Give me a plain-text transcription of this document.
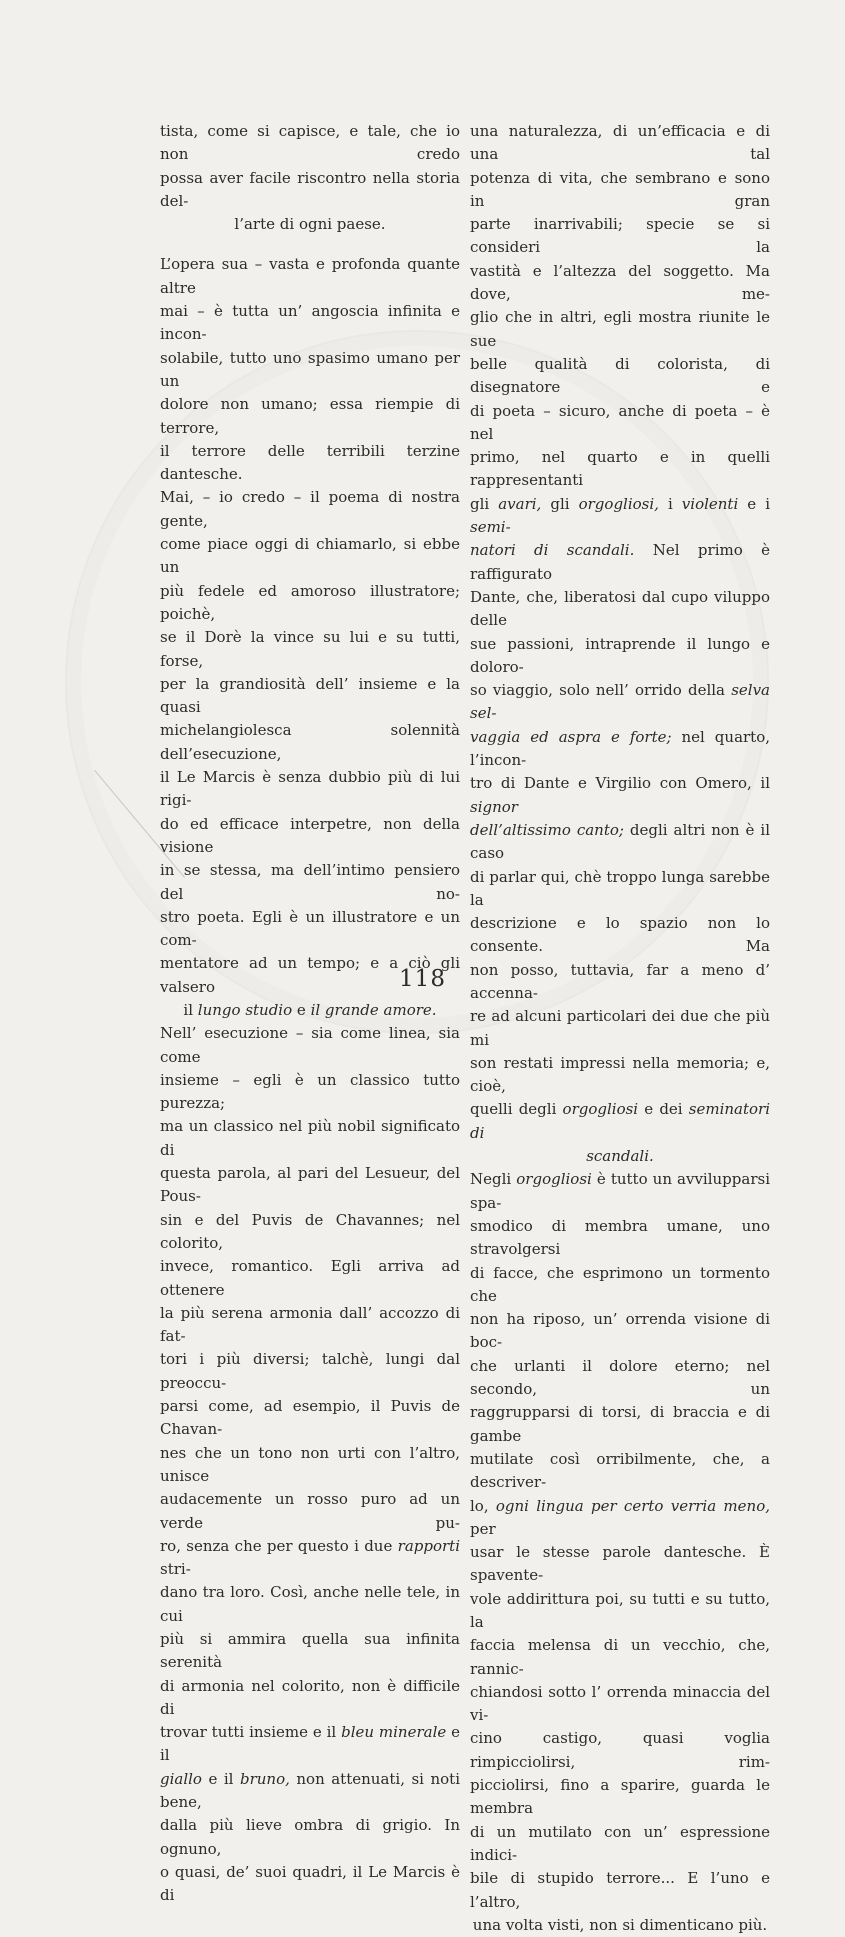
tista, come si capisce, e tale, che io non credo

possa aver facile riscontro nella storia del-

l’arte di ogni paese.

L’opera sua – vasta e profonda quante altre

mai – è tutta un’ angoscia infinita e incon-

solabile, tutto uno spasimo umano per un

dolore non umano; essa riempie di terrore,

il terrore delle terribili terzine dantesche.

Mai, – io credo – il poema di nostra gente,

come piace oggi di chiamarlo, si ebbe un

più fedele ed amoroso illustratore; poichè,

se il Dorè la vince su lui e su tutti, forse,

per la grandiosità dell’ insieme e la quasi

michelangiolesca solennità dell’esecuzione,

il Le Marcis è senza dubbio più di lui rigi-

do ed efficace interpetre, non della visione

in se stessa, ma dell’intimo pensiero del no-

stro poeta. Egli è un illustratore e un com-

mentatore ad un tempo; e a ciò gli valsero

il lungo studio e il grande amore.

Nell’ esecuzione – sia come linea, sia come

insieme – egli è un classico tutto purezza;

ma un classico nel più nobil significato di

questa parola, al pari del Lesueur, del Pous-

sin e del Puvis de Chavannes; nel colorito,

invece, romantico. Egli arriva ad ottenere

la più serena armonia dall’ accozzo di fat-

tori i più diversi; talchè, lungi dal preoccu-

parsi come, ad esempio, il Puvis de Chavan-

nes che un tono non urti con l’altro, unisce

audacemente un rosso puro ad un verde pu-

ro, senza che per questo i due rapporti stri-

dano tra loro. Così, anche nelle tele, in cui

più si ammira quella sua infinita serenità

di armonia nel colorito, non è difficile di

trovar tutti insieme e il bleu minerale e il

giallo e il bruno, non attenuati, si noti bene,

dalla più lieve ombra di grigio. In ognuno,

o quasi, de’ suoi quadri, il Le Marcis è di

una naturalezza, di un’efficacia e di una tal

potenza di vita, che sembrano e sono in gran

parte inarrivabili; specie se si consideri la

vastità e l’altezza del soggetto. Ma dove, me-

glio che in altri, egli mostra riunite le sue

belle qualità di colorista, di disegnatore e

di poeta – sicuro, anche di poeta – è nel

primo, nel quarto e in quelli rappresentanti

gli avari, gli orgogliosi, i violenti e i semi-

natori di scandali. Nel primo è raffigurato

Dante, che, liberatosi dal cupo viluppo delle

sue passioni, intraprende il lungo e doloro-

so viaggio, solo nell’ orrido della selva sel-

vaggia ed aspra e forte; nel quarto, l’incon-

tro di Dante e Virgilio con Omero, il signor

dell’altissimo canto; degli altri non è il caso

di parlar qui, chè troppo lunga sarebbe la

descrizione e lo spazio non lo consente. Ma

non posso, tuttavia, far a meno d’ accenna-

re ad alcuni particolari dei due che più mi

son restati impressi nella memoria; e, cioè,

quelli degli orgogliosi e dei seminatori di

scandali.

Negli orgogliosi è tutto un avvilupparsi spa-

smodico di membra umane, uno stravolgersi

di facce, che esprimono un tormento che

non ha riposo, un’ orrenda visione di boc-

che urlanti il dolore eterno; nel secondo, un

raggrupparsi di torsi, di braccia e di gambe

mutilate così orribilmente, che, a descriver-

lo, ogni lingua per certo verria meno, per

usar le stesse parole dantesche. È spavente-

vole addirittura poi, su tutti e su tutto, la

faccia melensa di un vecchio, che, rannic-

chiandosi sotto l’ orrenda minaccia del vi-

cino castigo, quasi voglia rimpicciolirsi, rim-

picciolirsi, fino a sparire, guarda le membra

di un mutilato con un’ espressione indici-

bile di stupido terrore... E l’uno e l’altro,

una volta visti, non si dimenticano più.

118
